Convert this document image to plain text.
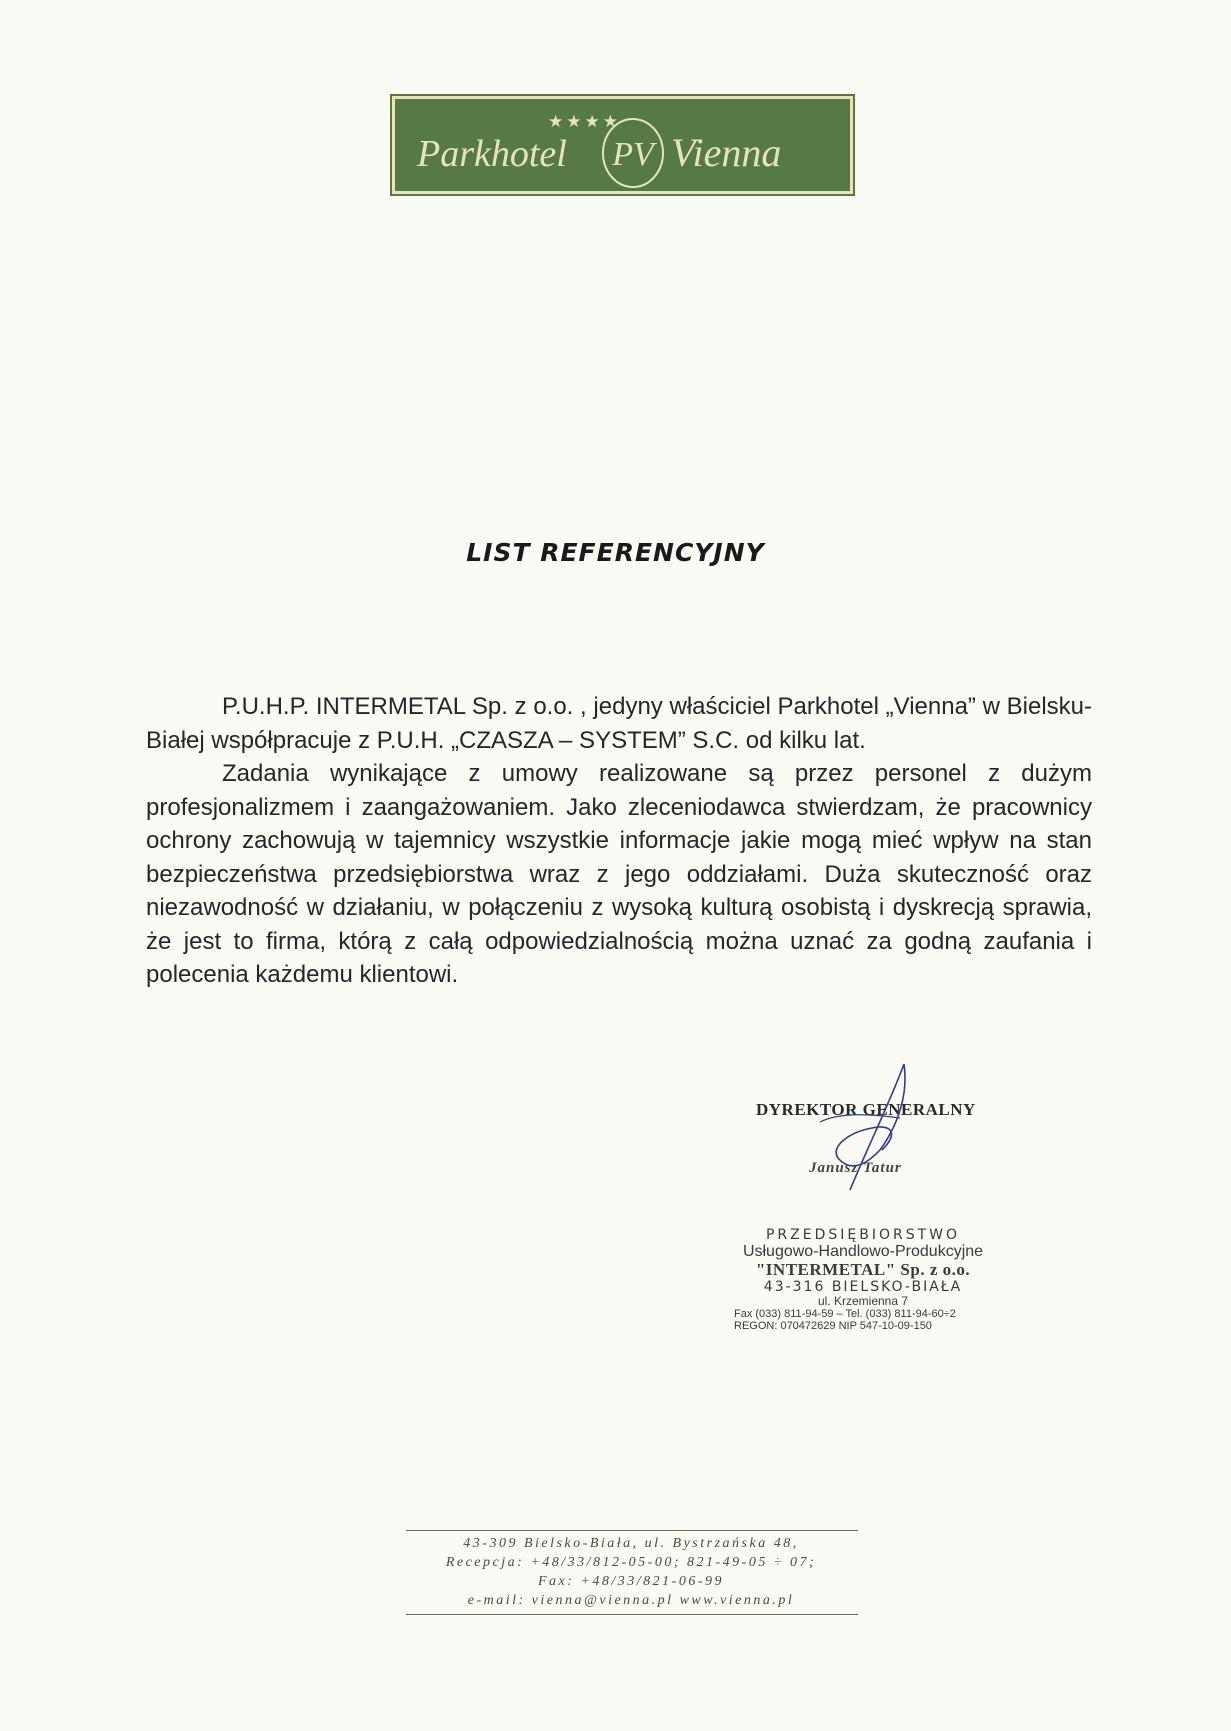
★★★★
Parkhotel PV Vienna
LIST REFERENCYJNY

P.U.H.P. INTERMETAL Sp. z o.o. , jedyny właściciel Parkhotel „Vienna” w Bielsku-Białej współpracuje z P.U.H. „CZASZA – SYSTEM” S.C. od kilku lat.

Zadania wynikające z umowy realizowane są przez personel z dużym profesjonalizmem i zaangażowaniem. Jako zleceniodawca stwierdzam, że pracownicy ochrony zachowują w tajemnicy wszystkie informacje jakie mogą mieć wpływ na stan bezpieczeństwa przedsiębiorstwa wraz z jego oddziałami. Duża skuteczność oraz niezawodność w działaniu, w połączeniu z wysoką kulturą osobistą i dyskrecją sprawia, że jest to firma, którą z całą odpowiedzialnością można uznać za godną zaufania i polecenia każdemu klientowi.

DYREKTOR GENERALNY
Janusz Tatur
PRZEDSIĘBIORSTWO
Usługowo-Handlowo-Produkcyjne
"INTERMETAL" Sp. z o.o.
43-316 BIELSKO-BIAŁA
ul. Krzemienna 7
Fax (033) 811-94-59 – Tel. (033) 811-94-60÷2
REGON: 070472629 NIP 547-10-09-150
43-309 Bielsko-Biała, ul. Bystrzańska 48,
Recepcja: +48/33/812-05-00; 821-49-05 ÷ 07;
Fax: +48/33/821-06-99
e-mail: vienna@vienna.pl www.vienna.pl
